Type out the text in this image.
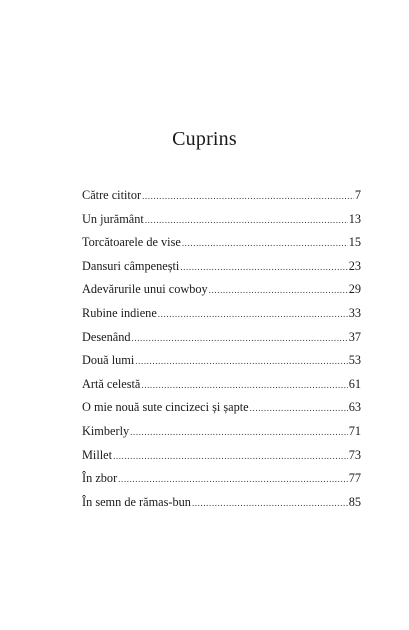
Cuprins
Către cititor .....	7
Un jurământ .....	13
Torcătoarele de vise .....	15
Dansuri câmpenești .....	23
Adevărurile unui cowboy .....	29
Rubine indiene .....	33
Desenând .....	37
Două lumi .....	53
Artă celestă .....	61
O mie nouă sute cincizeci și șapte .....	63
Kimberly .....	71
Millet .....	73
În zbor .....	77
În semn de rămas-bun .....	85
